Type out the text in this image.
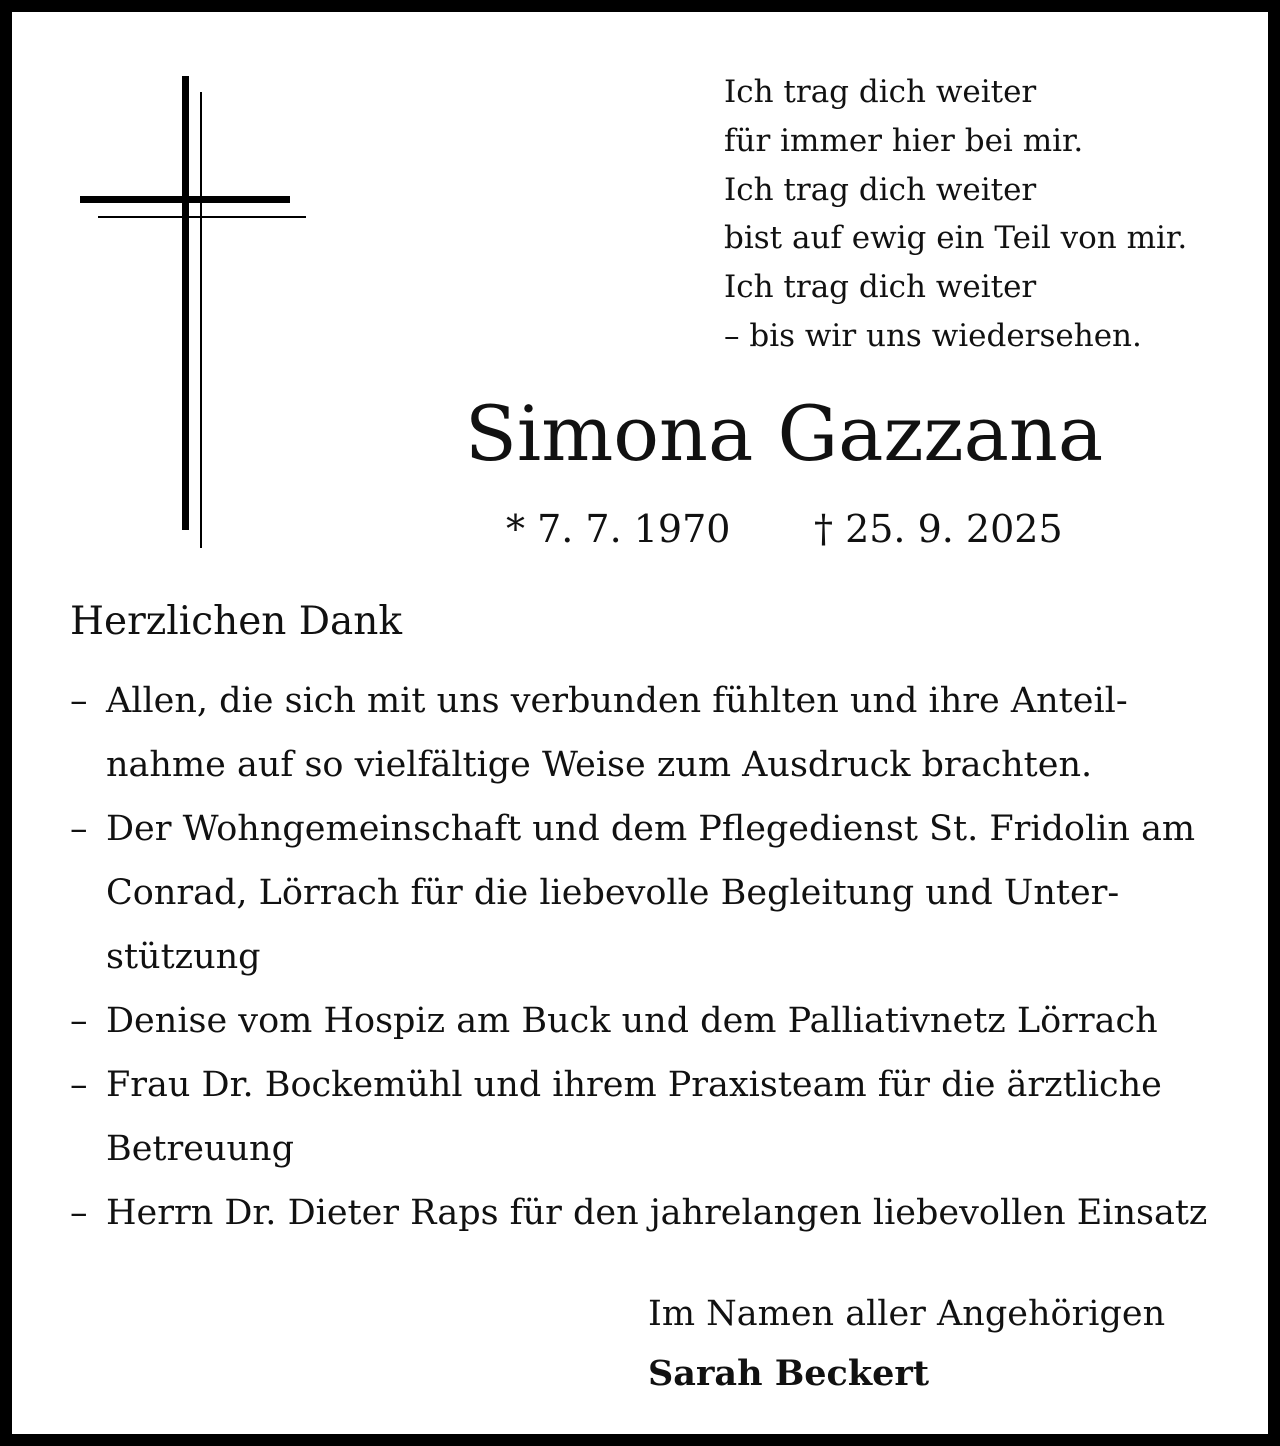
Ich trag dich weiter
für immer hier bei mir.
Ich trag dich weiter
bist auf ewig ein Teil von mir.
Ich trag dich weiter
– bis wir uns wiedersehen.
Simona Gazzana
* 7. 7. 1970 † 25. 9. 2025
Herzlichen Dank
– Allen, die sich mit uns verbunden fühlten und ihre Anteil- nahme auf so vielfältige Weise zum Ausdruck brachten.
– Der Wohngemeinschaft und dem Pflegedienst St. Fridolin am Conrad, Lörrach für die liebevolle Begleitung und Unter- stützung
– Denise vom Hospiz am Buck und dem Palliativnetz Lörrach
– Frau Dr. Bockemühl und ihrem Praxisteam für die ärztliche Betreuung
– Herrn Dr. Dieter Raps für den jahrelangen liebevollen Einsatz
Im Namen aller Angehörigen
Sarah Beckert
